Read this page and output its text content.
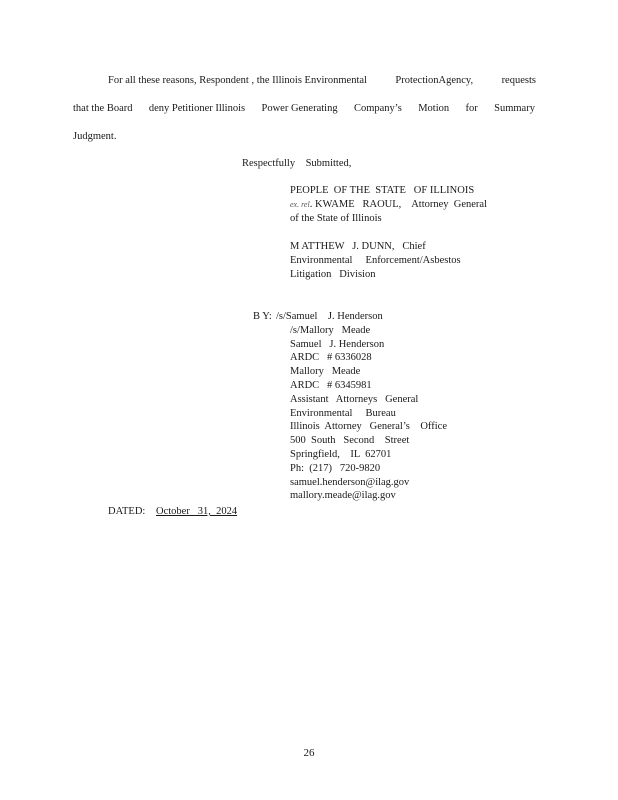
For all these reasons, Respondent , the Illinois Environmental	ProtectionAgency,	requests
that the Board deny Petitioner Illinois Power Generating Company’s Motion for Summary
Judgment.
Respectfully    Submitted,
PEOPLE  OF THE  STATE   OF ILLINOIS
ex. rel. KWAME   RAOUL,    Attorney  General
of the State of Illinois
M ATTHEW   J. DUNN,   Chief
Environmental     Enforcement/Asbestos
Litigation   Division
B Y: /s/Samuel    J. Henderson
/s/Mallory   Meade
Samuel   J. Henderson
ARDC   # 6336028
Mallory   Meade
ARDC   # 6345981
Assistant   Attorneys   General
Environmental     Bureau
Illinois  Attorney   General’s    Office
500  South   Second    Street
Springfield,    IL  62701
Ph:  (217)   720-9820
samuel.henderson@ilag.gov
mallory.meade@ilag.gov
DATED: October   31,  2024
26
